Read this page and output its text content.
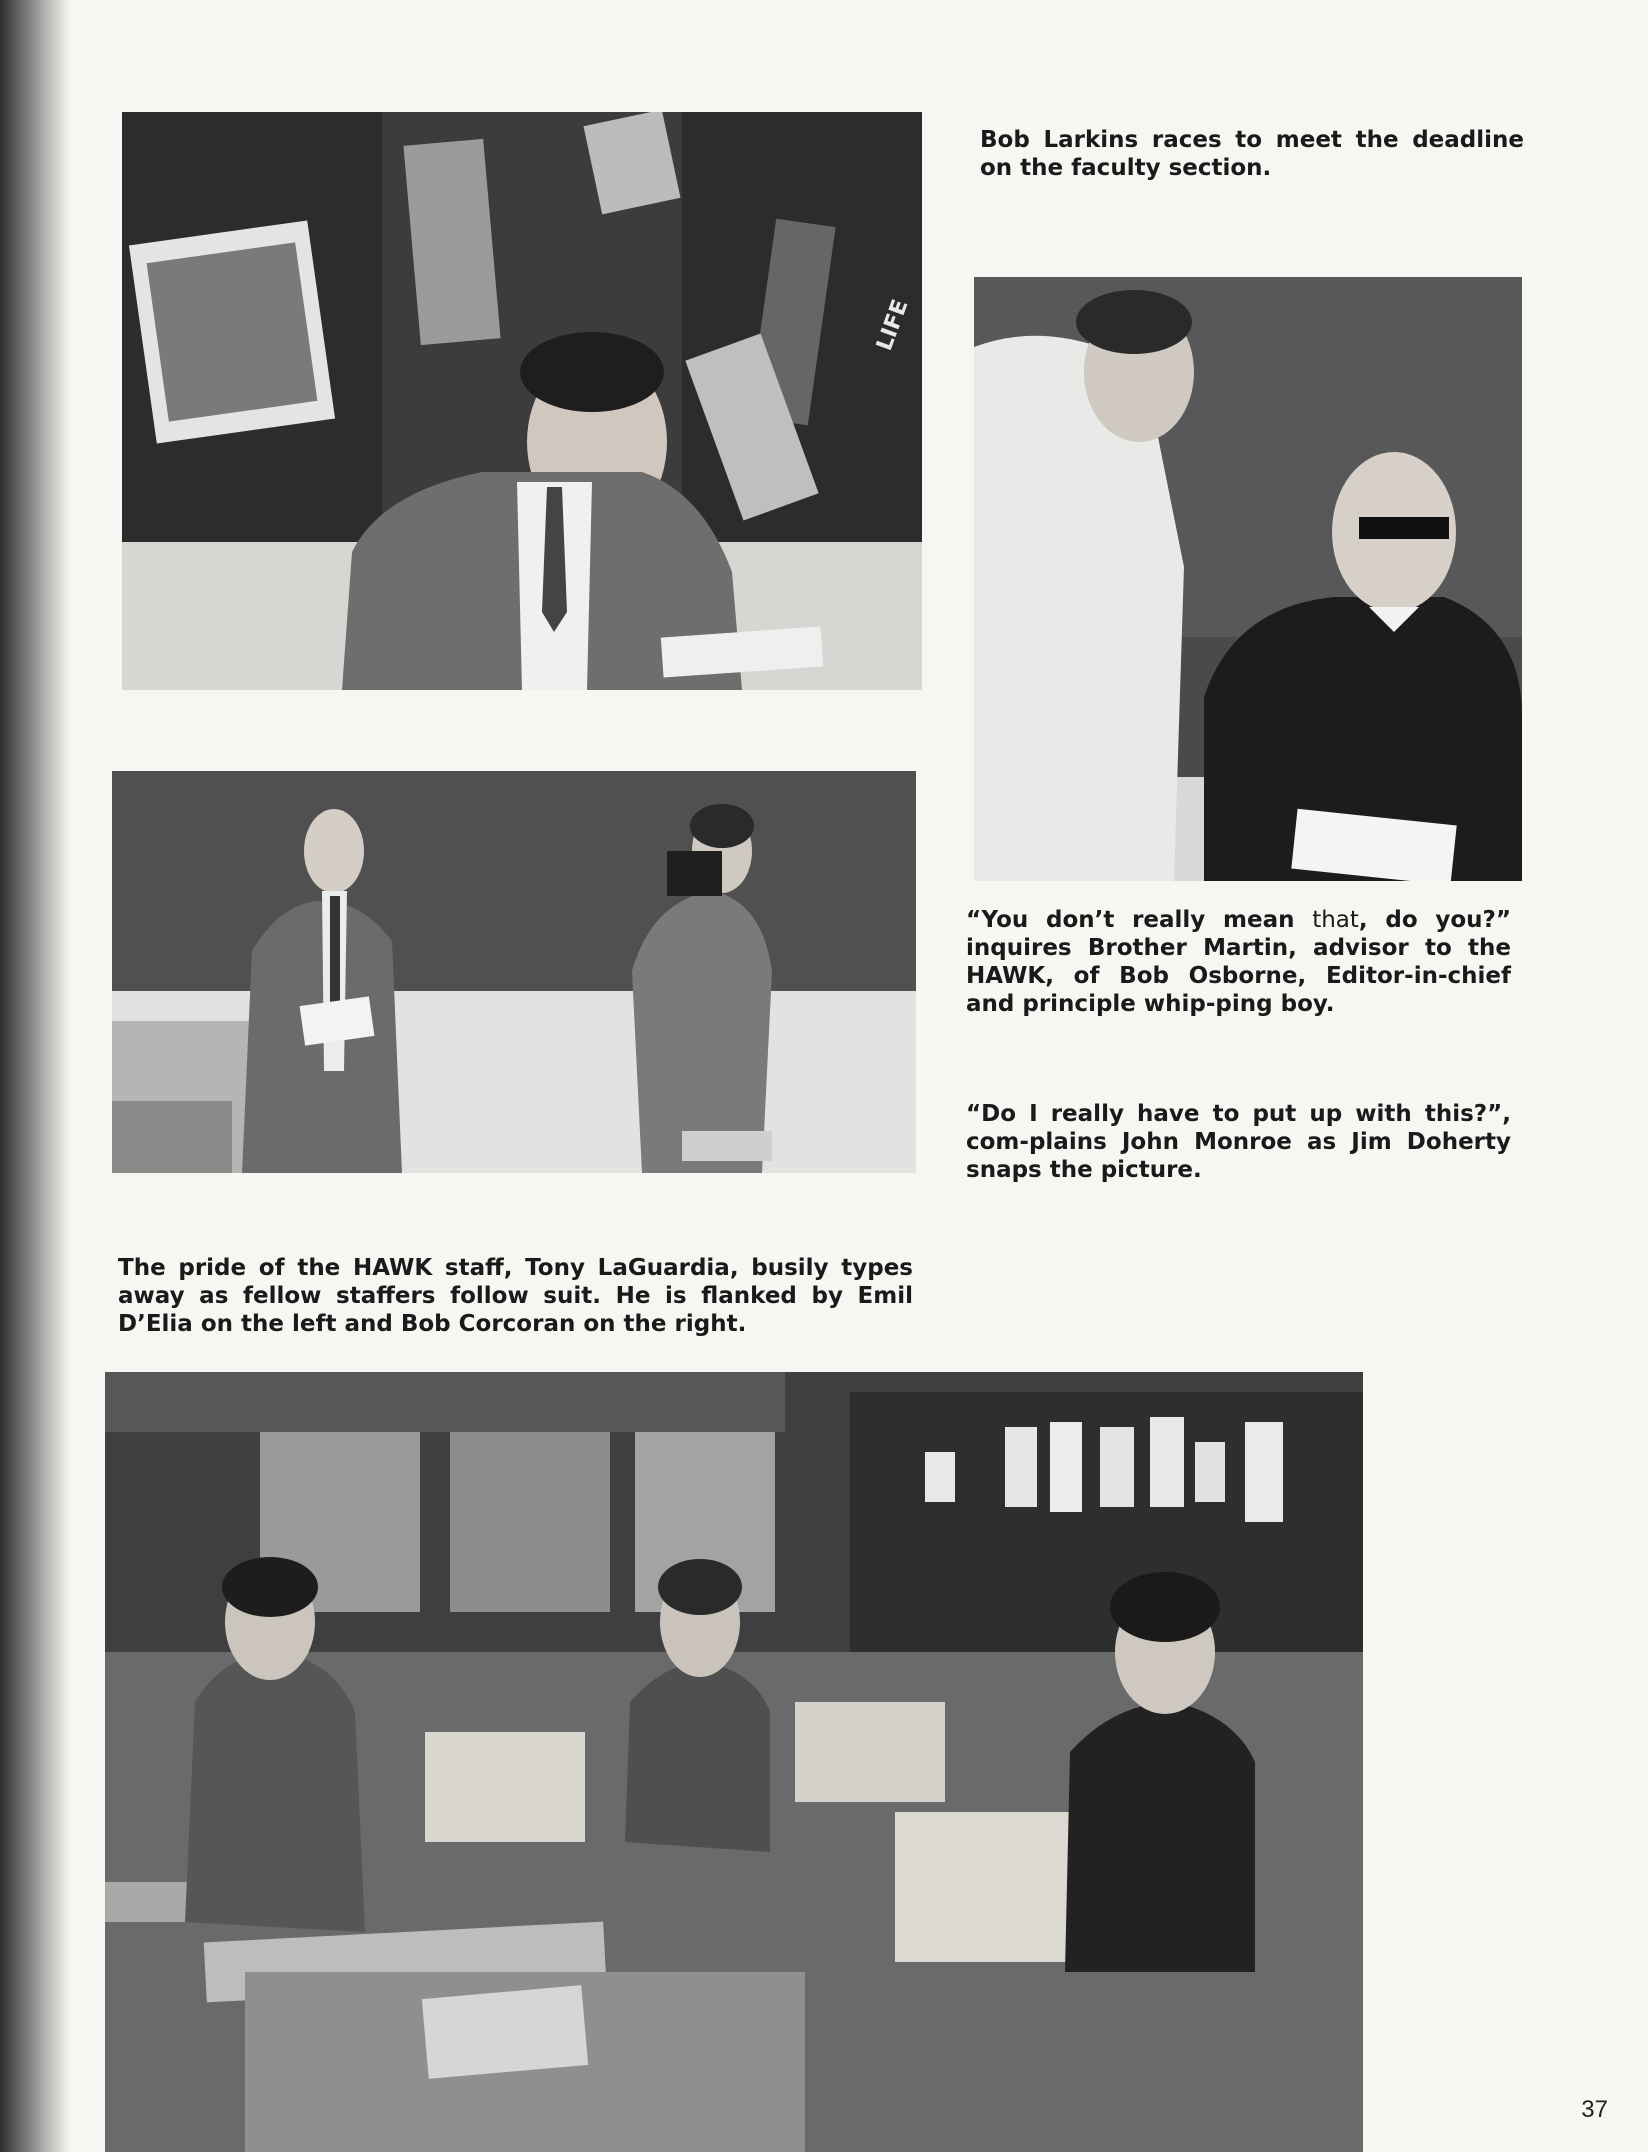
LIFE

Bob Larkins races to meet the deadline on the faculty section.

“You don’t really mean that, do you?” inquires Brother Martin, advisor to the HAWK, of Bob Osborne, Editor-in-chief and principle whip-ping boy.

“Do I really have to put up with this?”, com-plains John Monroe as Jim Doherty snaps the picture.

The pride of the HAWK staff, Tony LaGuardia, busily types away as fellow staffers follow suit. He is flanked by Emil D’Elia on the left and Bob Corcoran on the right.

37
